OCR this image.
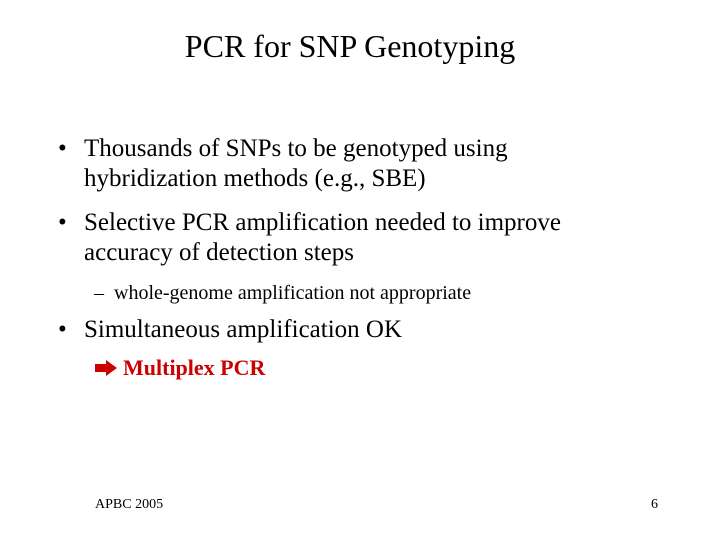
PCR for SNP Genotyping
• Thousands of SNPs to be genotyped using
hybridization methods (e.g., SBE)
• Selective PCR amplification needed to improve
accuracy of detection steps
– whole-genome amplification not appropriate
• Simultaneous amplification OK
Multiplex PCR
APBC 2005	6
